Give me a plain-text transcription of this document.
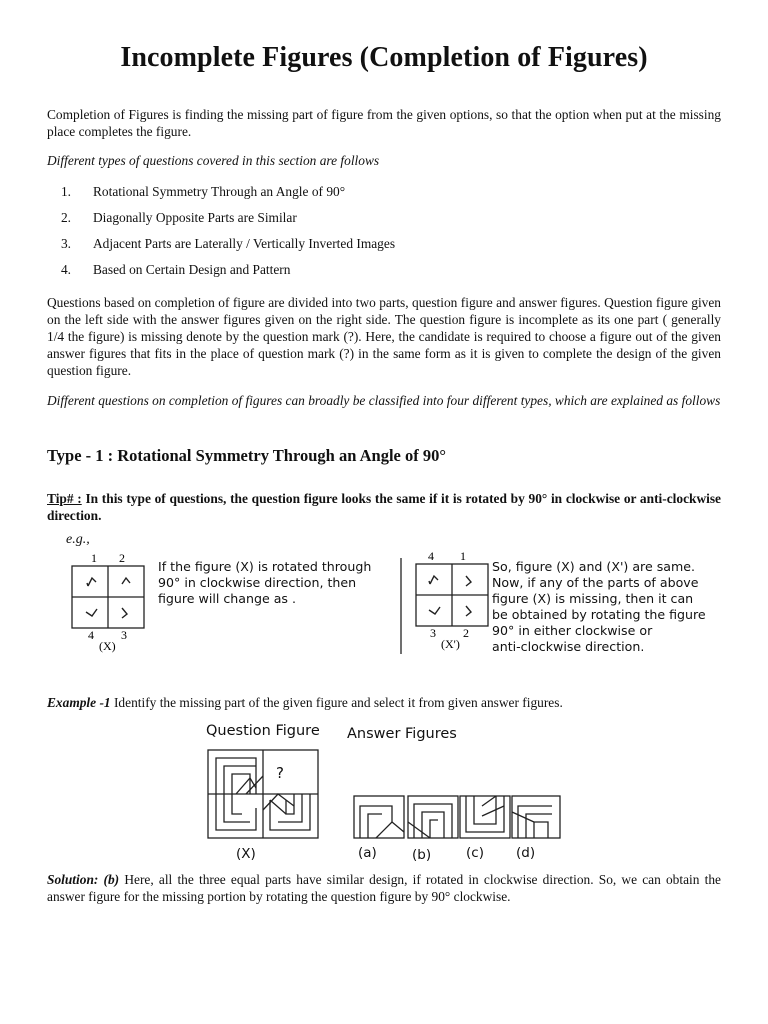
Incomplete Figures (Completion of Figures)

Completion of Figures is finding the missing part of figure from the given options, so that the option when put at the missing place completes the figure.

Different types of questions covered in this section are follows

1. Rotational Symmetry Through an Angle of 90°
2. Diagonally Opposite Parts are Similar
3. Adjacent Parts are Laterally / Vertically Inverted Images
4. Based on Certain Design and Pattern

Questions based on completion of figure are divided into two parts, question figure and answer figures. Question figure given on the left side with the answer figures given on the right side. The question figure is incomplete as its one part ( generally 1/4 the figure) is missing denote by the question mark (?). Here, the candidate is required to choose a figure out of the given answer figures that fits in the place of question mark (?) in the same form as it is given to complete the design of the given question figure.

Different questions on completion of figures can broadly be classified into four different types, which are explained as follows

Type - 1 : Rotational Symmetry Through an Angle of 90°

Tip# : In this type of questions, the question figure looks the same if it is rotated by 90° in clockwise or anti-clockwise direction.

e.g.,
1 2
4 3
(X)
If the figure (X) is rotated through
90° in clockwise direction, then
figure will change as .
4 1
3 2
(X')
So, figure (X) and (X') are same.
Now, if any of the parts of above
figure (X) is missing, then it can
be obtained by rotating the figure
90° in either clockwise or
anti-clockwise direction.

Example -1 Identify the missing part of the given figure and select it from given answer figures.

Question Figure Answer Figures
?
(X)	(a)	(b)	(c) (d)

Solution: (b) Here, all the three equal parts have similar design, if rotated in clockwise direction. So, we can obtain the answer figure for the missing portion by rotating the question figure by 90° clockwise.
